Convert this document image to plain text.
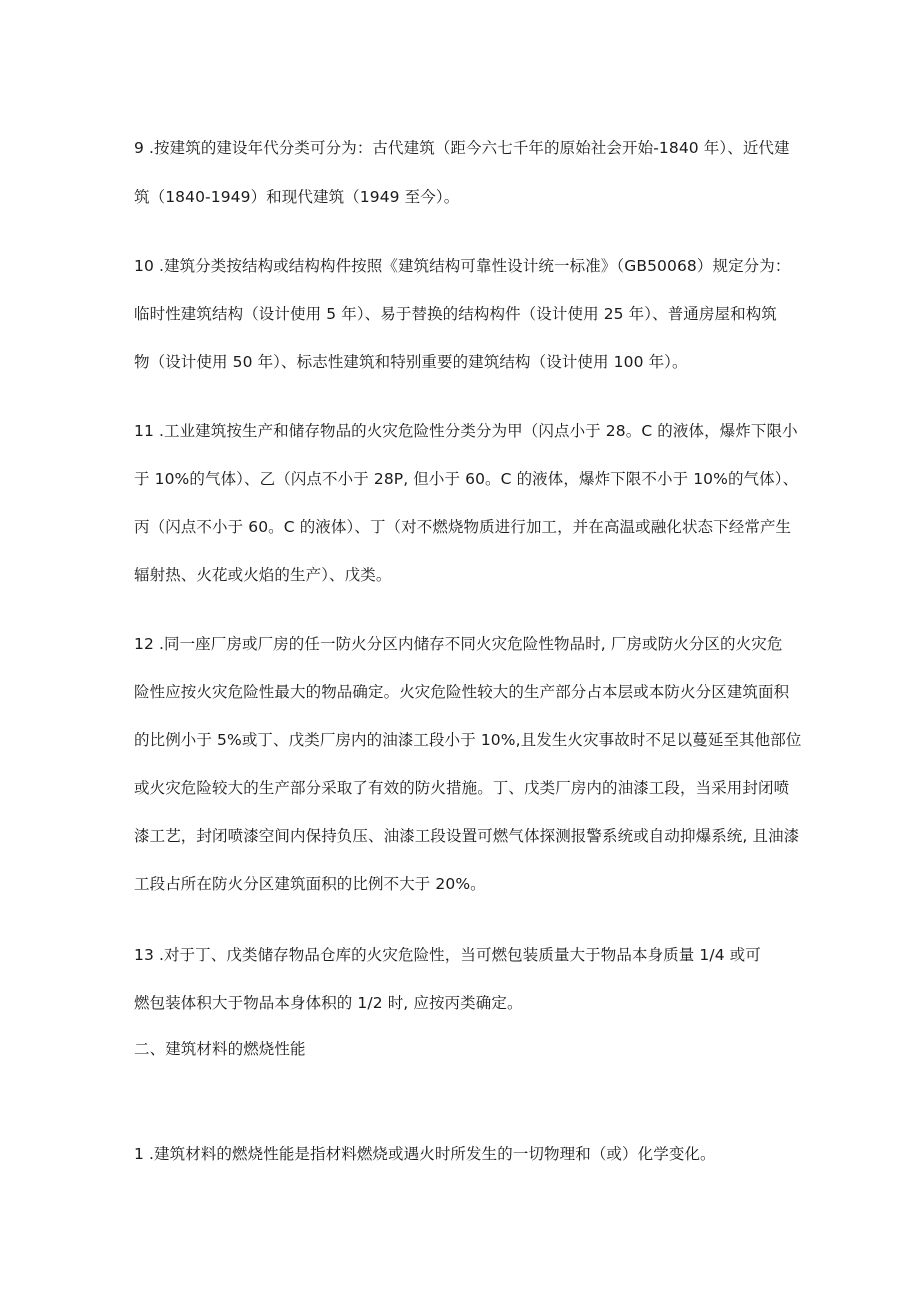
9 .按建筑的建设年代分类可分为：古代建筑（距今六七千年的原始社会开始-1840 年）、近代建
筑（1840-1949）和现代建筑（1949 至今）。
10 .建筑分类按结构或结构构件按照《建筑结构可靠性设计统一标准》（GB50068）规定分为：
临时性建筑结构（设计使用 5 年）、易于替换的结构构件（设计使用 25 年）、普通房屋和构筑
物（设计使用 50 年）、标志性建筑和特别重要的建筑结构（设计使用 100 年）。
11 .工业建筑按生产和储存物品的火灾危险性分类分为甲（闪点小于 28。C 的液体，爆炸下限小
于 10%的气体）、乙（闪点不小于 28P, 但小于 60。C 的液体，爆炸下限不小于 10%的气体）、
丙（闪点不小于 60。C 的液体）、丁（对不燃烧物质进行加工，并在高温或融化状态下经常产生
辐射热、火花或火焰的生产）、戊类。
12 .同一座厂房或厂房的任一防火分区内储存不同火灾危险性物品时, 厂房或防火分区的火灾危
险性应按火灾危险性最大的物品确定。火灾危险性较大的生产部分占本层或本防火分区建筑面积
的比例小于 5%或丁、戊类厂房内的油漆工段小于 10%,且发生火灾事故时不足以蔓延至其他部位
或火灾危险较大的生产部分采取了有效的防火措施。丁、戊类厂房内的油漆工段，当采用封闭喷
漆工艺，封闭喷漆空间内保持负压、油漆工段设置可燃气体探测报警系统或自动抑爆系统, 且油漆
工段占所在防火分区建筑面积的比例不大于 20%。
13 .对于丁、戊类储存物品仓库的火灾危险性，当可燃包装质量大于物品本身质量 1/4 或可
燃包装体积大于物品本身体积的 1/2 时, 应按丙类确定。
二、建筑材料的燃烧性能
1 .建筑材料的燃烧性能是指材料燃烧或遇火时所发生的一切物理和（或）化学变化。
